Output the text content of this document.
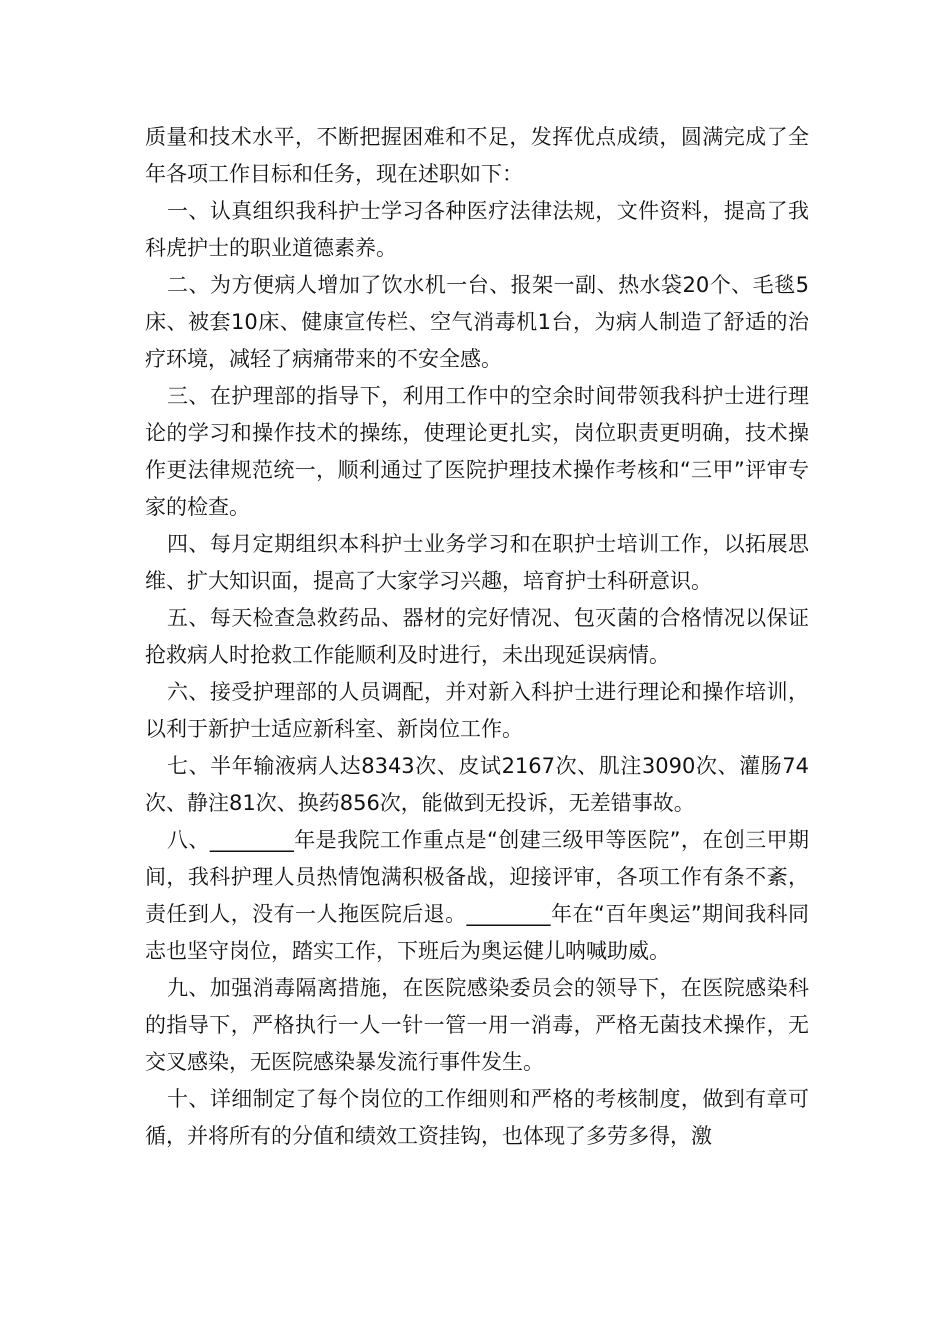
质量和技术水平，不断把握困难和不足，发挥优点成绩，圆满完成了全年各项工作目标和任务，现在述职如下：

一、认真组织我科护士学习各种医疗法律法规，文件资料，提高了我科虎护士的职业道德素养。

二、为方便病人增加了饮水机一台、报架一副、热水袋20个、毛毯5床、被套10床、健康宣传栏、空气消毒机1台，为病人制造了舒适的治疗环境，减轻了病痛带来的不安全感。

三、在护理部的指导下，利用工作中的空余时间带领我科护士进行理论的学习和操作技术的操练，使理论更扎实，岗位职责更明确，技术操作更法律规范统一，顺利通过了医院护理技术操作考核和“三甲”评审专家的检查。

四、每月定期组织本科护士业务学习和在职护士培训工作，以拓展思维、扩大知识面，提高了大家学习兴趣，培育护士科研意识。

五、每天检查急救药品、器材的完好情况、包灭菌的合格情况以保证抢救病人时抢救工作能顺利及时进行，未出现延误病情。

六、接受护理部的人员调配，并对新入科护士进行理论和操作培训，以利于新护士适应新科室、新岗位工作。

七、半年输液病人达8343次、皮试2167次、肌注3090次、灌肠74次、静注81次、换药856次，能做到无投诉，无差错事故。

八、________年是我院工作重点是“创建三级甲等医院”，在创三甲期间，我科护理人员热情饱满积极备战，迎接评审，各项工作有条不紊，责任到人，没有一人拖医院后退。________年在“百年奥运”期间我科同志也坚守岗位，踏实工作，下班后为奥运健儿呐喊助威。

九、加强消毒隔离措施，在医院感染委员会的领导下，在医院感染科的指导下，严格执行一人一针一管一用一消毒，严格无菌技术操作，无交叉感染，无医院感染暴发流行事件发生。

十、详细制定了每个岗位的工作细则和严格的考核制度，做到有章可循，并将所有的分值和绩效工资挂钩，也体现了多劳多得，激
